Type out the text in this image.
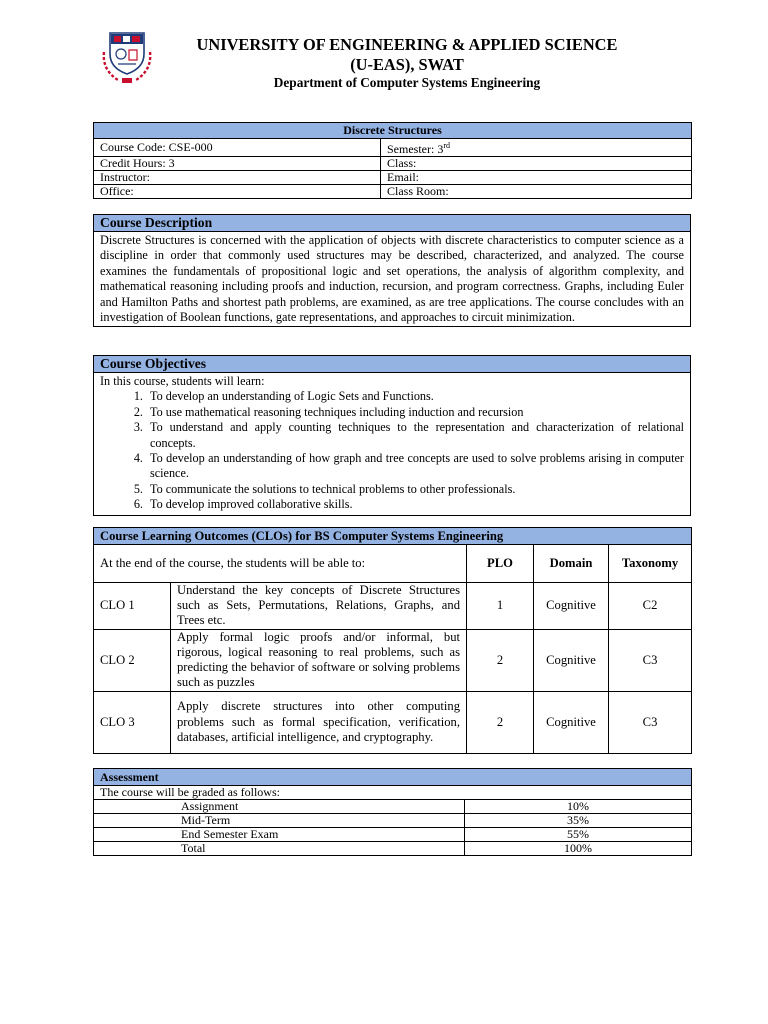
UNIVERSITY OF ENGINEERING & APPLIED SCIENCE
(U-EAS), SWAT
Department of Computer Systems Engineering
Discrete Structures	
Course Code: CSE-000	Semester: 3rd
Credit Hours: 3	Class:
Instructor:	Email:
Office:	Class Room:
Course Description
Discrete Structures is concerned with the application of objects with discrete characteristics to computer science as a discipline in order that commonly used structures may be described, characterized, and analyzed. The course examines the fundamentals of propositional logic and set operations, the analysis of algorithm complexity, and mathematical reasoning including proofs and induction, recursion, and program correctness. Graphs, including Euler and Hamilton Paths and shortest path problems, are examined, as are tree applications. The course concludes with an investigation of Boolean functions, gate representations, and approaches to circuit minimization.
Course Objectives

In this course, students will learn:
1. To develop an understanding of Logic Sets and Functions.
2. To use mathematical reasoning techniques including induction and recursion
3. To understand and apply counting techniques to the representation and characterization of relational concepts.
4. To develop an understanding of how graph and tree concepts are used to solve problems arising in computer science.
5. To communicate the solutions to technical problems to other professionals.
6. To develop improved collaborative skills.
Course Learning Outcomes (CLOs) for BS Computer Systems Engineering				
At the end of the course, the students will be able to:		PLO	Domain	Taxonomy
CLO 1	Understand the key concepts of Discrete Structures such as Sets, Permutations, Relations, Graphs, and Trees etc.	1	Cognitive	C2
CLO 2	Apply formal logic proofs and/or informal, but rigorous, logical reasoning to real problems, such as predicting the behavior of software or solving problems such as puzzles	2	Cognitive	C3
CLO 3	Apply discrete structures into other computing problems such as formal specification, verification, databases, artificial intelligence, and cryptography.	2	Cognitive	C3
Assessment	
The course will be graded as follows:	
Assignment	10%
Mid-Term	35%
End Semester Exam	55%
Total	100%
